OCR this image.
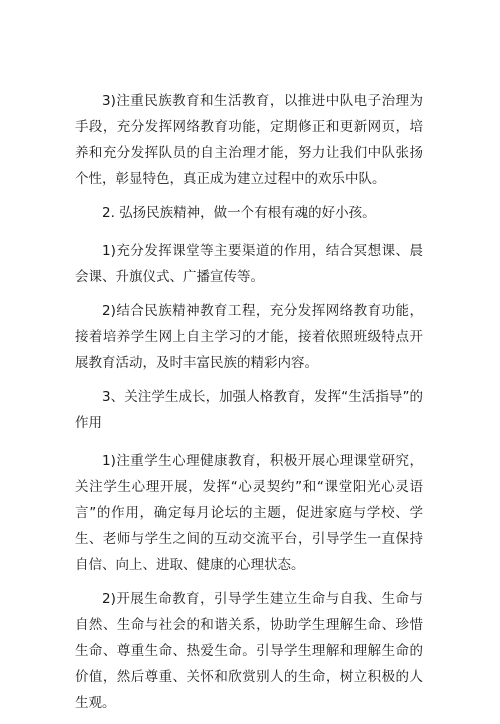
3)注重民族教育和生活教育，以推进中队电子治理为手段，充分发挥网络教育功能，定期修正和更新网页，培养和充分发挥队员的自主治理才能，努力让我们中队张扬个性，彰显特色，真正成为建立过程中的欢乐中队。

2. 弘扬民族精神，做一个有根有魂的好小孩。

1)充分发挥课堂等主要渠道的作用，结合冥想课、晨会课、升旗仪式、广播宣传等。

2)结合民族精神教育工程，充分发挥网络教育功能，接着培养学生网上自主学习的才能，接着依照班级特点开展教育活动，及时丰富民族的精彩内容。

3、关注学生成长，加强人格教育，发挥“生活指导”的作用

1)注重学生心理健康教育，积极开展心理课堂研究，关注学生心理开展，发挥“心灵契约”和“课堂阳光心灵语言”的作用，确定每月论坛的主题，促进家庭与学校、学生、老师与学生之间的互动交流平台，引导学生一直保持自信、向上、进取、健康的心理状态。

2)开展生命教育，引导学生建立生命与自我、生命与自然、生命与社会的和谐关系，协助学生理解生命、珍惜生命、尊重生命、热爱生命。引导学生理解和理解生命的价值，然后尊重、关怀和欣赏别人的生命，树立积极的人生观。
